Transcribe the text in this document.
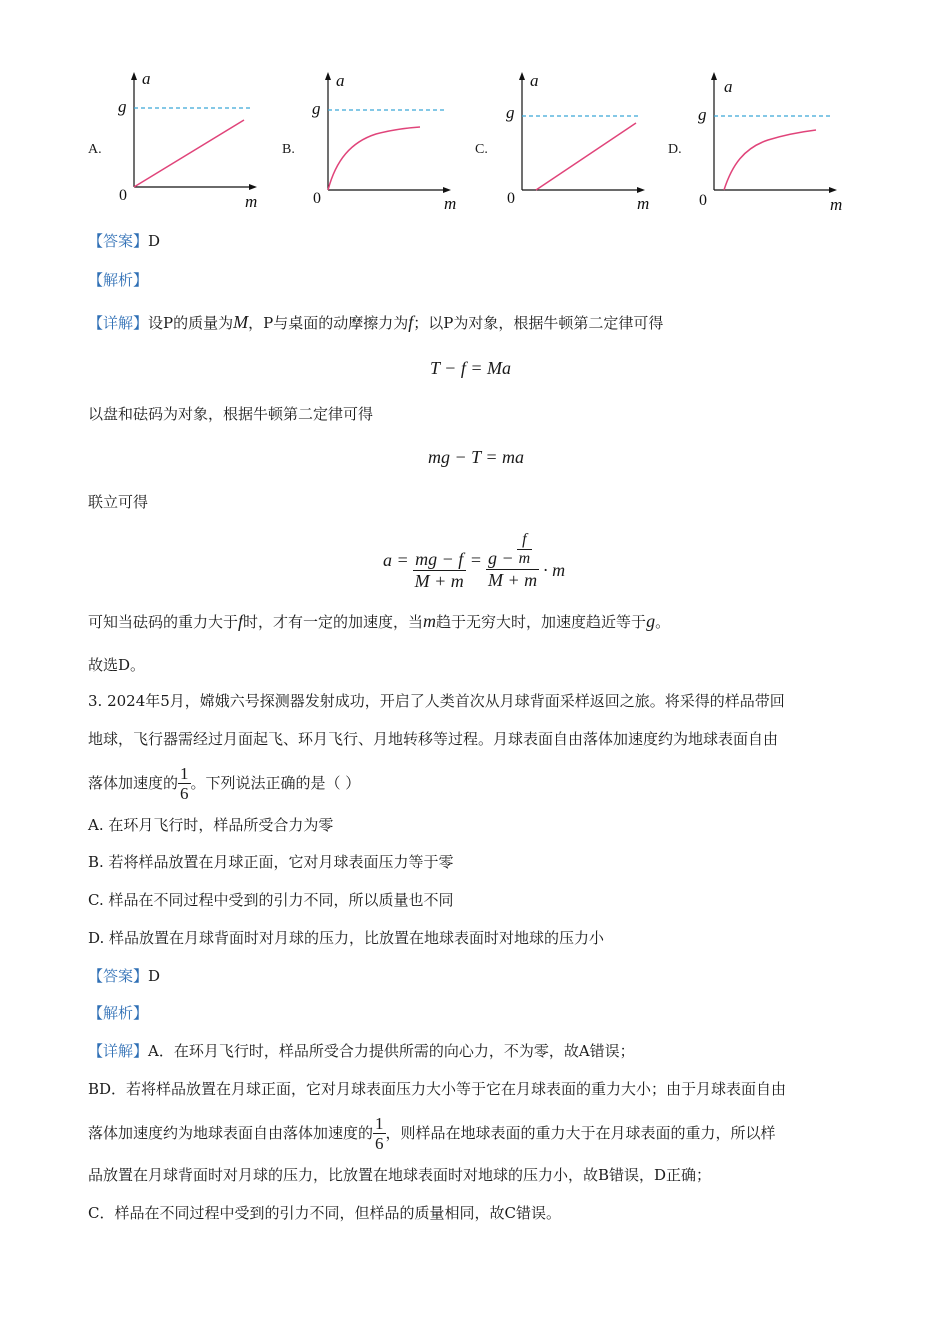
A.
a
g
0	m
B.
a
g
0	m
C.
a
g
0	m
D.
a
g
0	m
【答案】D
【解析】
【详解】设P的质量为M，P与桌面的动摩擦力为f；以P为对象，根据牛顿第二定律可得
T − f = Ma
以盘和砝码为对象，根据牛顿第二定律可得
mg − T = ma
联立可得
$a = \frac{mg - f}{M + m} = \frac{g - \frac{f}{m}}{M + m} \cdot m$
可知当砝码的重力大于f时，才有一定的加速度，当m趋于无穷大时，加速度趋近等于g。
故选D。
3. 2024年5月，嫦娥六号探测器发射成功，开启了人类首次从月球背面采样返回之旅。将采得的样品带回
地球，飞行器需经过月面起飞、环月飞行、月地转移等过程。月球表面自由落体加速度约为地球表面自由
落体加速度的 $\frac{1}{6}$ 。下列说法正确的是（ ）
A. 在环月飞行时，样品所受合力为零
B. 若将样品放置在月球正面，它对月球表面压力等于零
C. 样品在不同过程中受到的引力不同，所以质量也不同
D. 样品放置在月球背面时对月球的压力，比放置在地球表面时对地球的压力小
【答案】D
【解析】
【详解】A．在环月飞行时，样品所受合力提供所需的向心力，不为零，故A错误；
BD．若将样品放置在月球正面，它对月球表面压力大小等于它在月球表面的重力大小；由于月球表面自由
落体加速度约为地球表面自由落体加速度的 $\frac{1}{6}$ ，则样品在地球表面的重力大于在月球表面的重力，所以样
品放置在月球背面时对月球的压力，比放置在地球表面时对地球的压力小，故B错误，D正确；
C．样品在不同过程中受到的引力不同，但样品的质量相同，故C错误。
